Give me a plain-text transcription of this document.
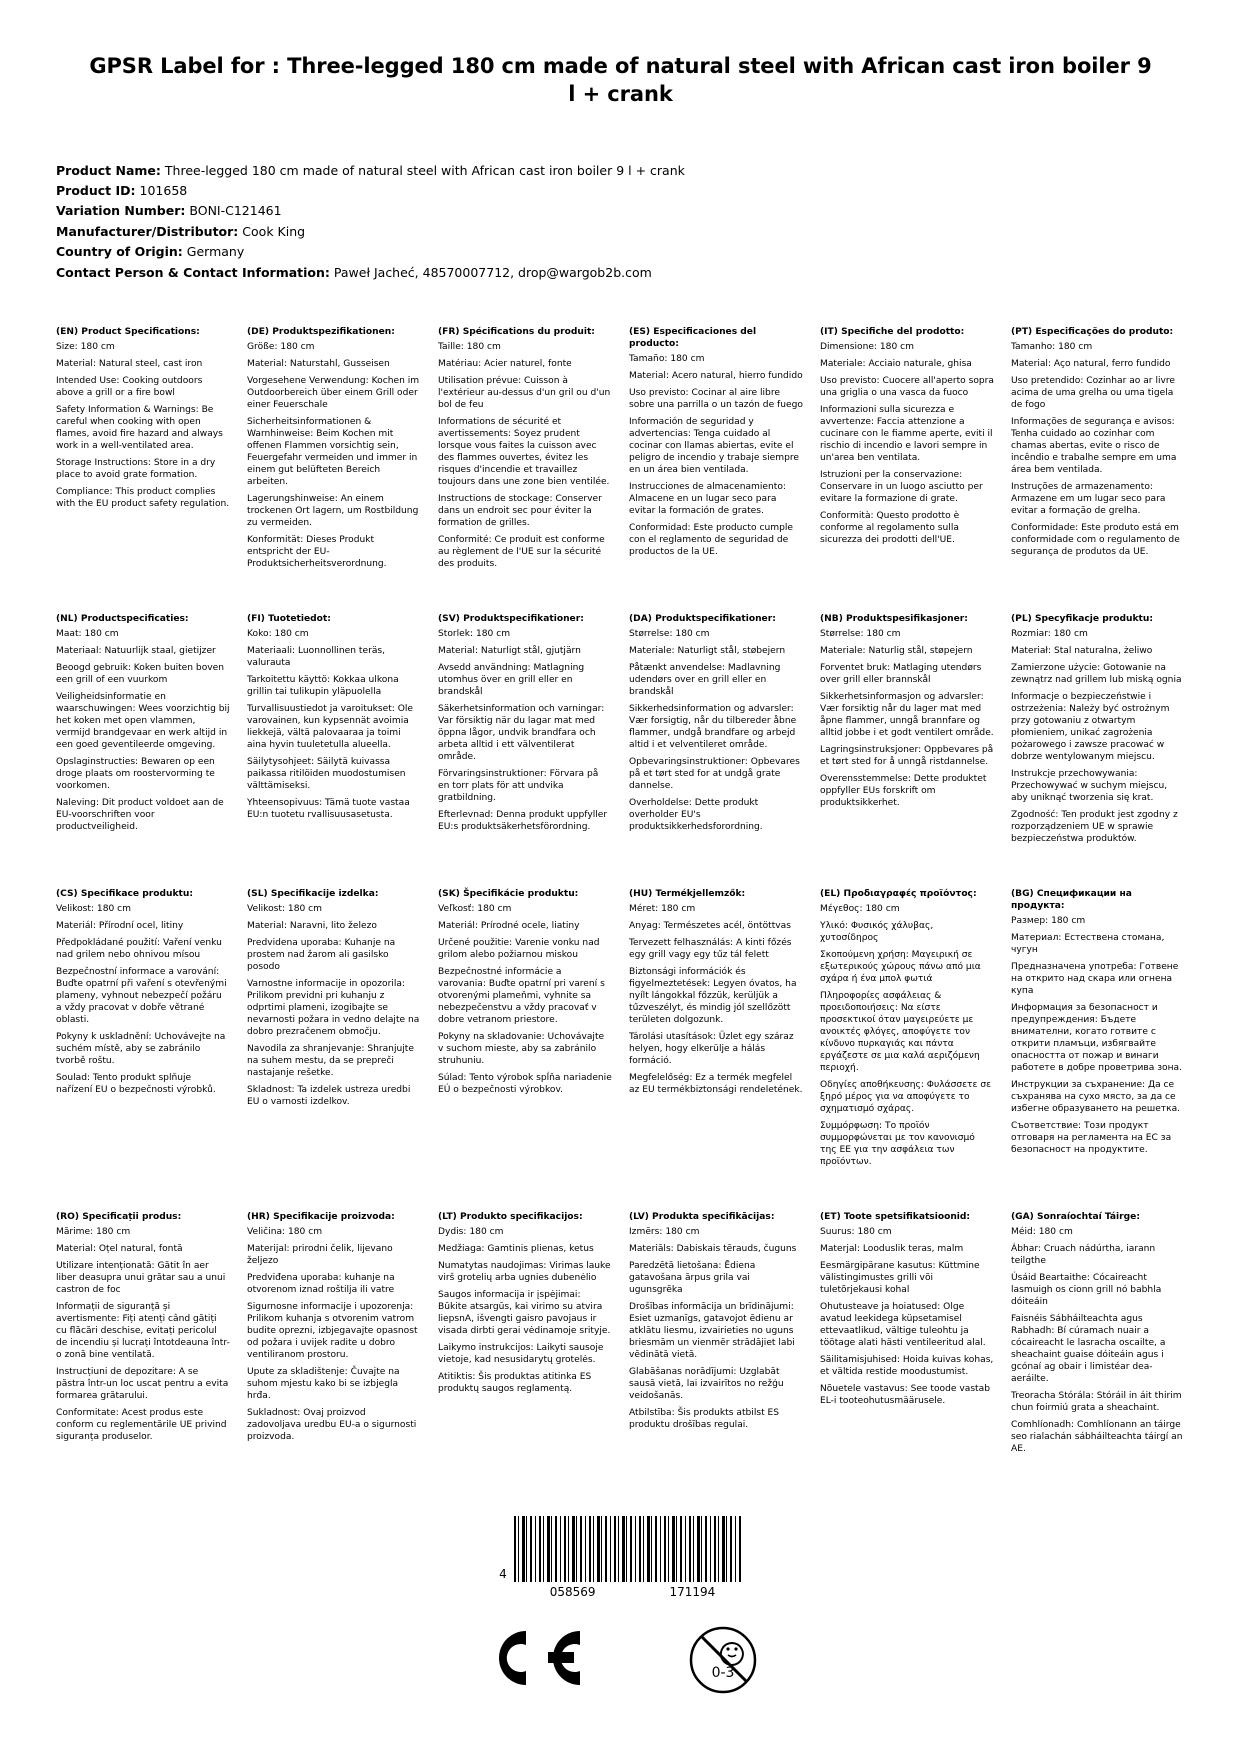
GPSR Label for : Three-legged 180 cm made of natural steel with African cast iron boiler 9 l + crank
Product Name: Three-legged 180 cm made of natural steel with African cast iron boiler 9 l + crank
Product ID: 101658
Variation Number: BONI-C121461
Manufacturer/Distributor: Cook King
Country of Origin: Germany
Contact Person & Contact Information: Paweł Jacheć, 48570007712, drop@wargob2b.com
(EN) Product Specifications:
Size: 180 cm
Material: Natural steel, cast iron
Intended Use: Cooking outdoors above a grill or a fire bowl
Safety Information & Warnings: Be careful when cooking with open flames, avoid fire hazard and always work in a well-ventilated area.
Storage Instructions: Store in a dry place to avoid grate formation.
Compliance: This product complies with the EU product safety regulation.
(DE) Produktspezifikationen:
Größe: 180 cm
Material: Naturstahl, Gusseisen
Vorgesehene Verwendung: Kochen im Outdoorbereich über einem Grill oder einer Feuerschale
Sicherheitsinformationen & Warnhinweise: Beim Kochen mit offenen Flammen vorsichtig sein, Feuergefahr vermeiden und immer in einem gut belüfteten Bereich arbeiten.
Lagerungshinweise: An einem trockenen Ort lagern, um Rostbildung zu vermeiden.
Konformität: Dieses Produkt entspricht der EU-Produktsicherheitsverordnung.
(FR) Spécifications du produit:
Taille: 180 cm
Matériau: Acier naturel, fonte
Utilisation prévue: Cuisson à l'extérieur au-dessus d'un gril ou d'un bol de feu
Informations de sécurité et avertissements: Soyez prudent lorsque vous faites la cuisson avec des flammes ouvertes, évitez les risques d'incendie et travaillez toujours dans une zone bien ventilée.
Instructions de stockage: Conserver dans un endroit sec pour éviter la formation de grilles.
Conformité: Ce produit est conforme au règlement de l'UE sur la sécurité des produits.
(ES) Especificaciones del producto:
Tamaño: 180 cm
Material: Acero natural, hierro fundido
Uso previsto: Cocinar al aire libre sobre una parrilla o un tazón de fuego
Información de seguridad y advertencias: Tenga cuidado al cocinar con llamas abiertas, evite el peligro de incendio y trabaje siempre en un área bien ventilada.
Instrucciones de almacenamiento: Almacene en un lugar seco para evitar la formación de grates.
Conformidad: Este producto cumple con el reglamento de seguridad de productos de la UE.
(IT) Specifiche del prodotto:
Dimensione: 180 cm
Materiale: Acciaio naturale, ghisa
Uso previsto: Cuocere all'aperto sopra una griglia o una vasca da fuoco
Informazioni sulla sicurezza e avvertenze: Faccia attenzione a cucinare con le fiamme aperte, eviti il rischio di incendio e lavori sempre in un'area ben ventilata.
Istruzioni per la conservazione: Conservare in un luogo asciutto per evitare la formazione di grate.
Conformità: Questo prodotto è conforme al regolamento sulla sicurezza dei prodotti dell'UE.
(PT) Especificações do produto:
Tamanho: 180 cm
Material: Aço natural, ferro fundido
Uso pretendido: Cozinhar ao ar livre acima de uma grelha ou uma tigela de fogo
Informações de segurança e avisos: Tenha cuidado ao cozinhar com chamas abertas, evite o risco de incêndio e trabalhe sempre em uma área bem ventilada.
Instruções de armazenamento: Armazene em um lugar seco para evitar a formação de grelha.
Conformidade: Este produto está em conformidade com o regulamento de segurança de produtos da UE.
(NL) Productspecificaties:
Maat: 180 cm
Materiaal: Natuurlijk staal, gietijzer
Beoogd gebruik: Koken buiten boven een grill of een vuurkom
Veiligheidsinformatie en waarschuwingen: Wees voorzichtig bij het koken met open vlammen, vermijd brandgevaar en werk altijd in een goed geventileerde omgeving.
Opslaginstructies: Bewaren op een droge plaats om roostervorming te voorkomen.
Naleving: Dit product voldoet aan de EU-voorschriften voor productveiligheid.
(FI) Tuotetiedot:
Koko: 180 cm
Materiaali: Luonnollinen teräs, valurauta
Tarkoitettu käyttö: Kokkaa ulkona grillin tai tulikupin yläpuolella
Turvallisuustiedot ja varoitukset: Ole varovainen, kun kypsennät avoimia liekkejä, vältä palovaaraa ja toimi aina hyvin tuuletetulla alueella.
Säilytysohjeet: Säilytä kuivassa paikassa ritilöiden muodostumisen välttämiseksi.
Yhteensopivuus: Tämä tuote vastaa EU:n tuotetu rvallisuusasetusta.
(SV) Produktspecifikationer:
Storlek: 180 cm
Material: Naturligt stål, gjutjärn
Avsedd användning: Matlagning utomhus över en grill eller en brandskål
Säkerhetsinformation och varningar: Var försiktig när du lagar mat med öppna lågor, undvik brandfara och arbeta alltid i ett välventilerat område.
Förvaringsinstruktioner: Förvara på en torr plats för att undvika gratbildning.
Efterlevnad: Denna produkt uppfyller EU:s produktsäkerhetsförordning.
(DA) Produktspecifikationer:
Størrelse: 180 cm
Materiale: Naturligt stål, støbejern
Påtænkt anvendelse: Madlavning udendørs over en grill eller en brandskål
Sikkerhedsinformation og advarsler: Vær forsigtig, når du tilbereder åbne flammer, undgå brandfare og arbejd altid i et velventileret område.
Opbevaringsinstruktioner: Opbevares på et tørt sted for at undgå grate dannelse.
Overholdelse: Dette produkt overholder EU's produktsikkerhedsforordning.
(NB) Produktspesifikasjoner:
Størrelse: 180 cm
Materiale: Naturlig stål, støpejern
Forventet bruk: Matlaging utendørs over grill eller brannskål
Sikkerhetsinformasjon og advarsler: Vær forsiktig når du lager mat med åpne flammer, unngå brannfare og alltid jobbe i et godt ventilert område.
Lagringsinstruksjoner: Oppbevares på et tørt sted for å unngå ristdannelse.
Overensstemmelse: Dette produktet oppfyller EUs forskrift om produktsikkerhet.
(PL) Specyfikacje produktu:
Rozmiar: 180 cm
Materiał: Stal naturalna, żeliwo
Zamierzone użycie: Gotowanie na zewnątrz nad grillem lub miską ognia
Informacje o bezpieczeństwie i ostrzeżenia: Należy być ostrożnym przy gotowaniu z otwartym płomieniem, unikać zagrożenia pożarowego i zawsze pracować w dobrze wentylowanym miejscu.
Instrukcje przechowywania: Przechowywać w suchym miejscu, aby uniknąć tworzenia się krat.
Zgodność: Ten produkt jest zgodny z rozporządzeniem UE w sprawie bezpieczeństwa produktów.
(CS) Specifikace produktu:
Velikost: 180 cm
Materiál: Přírodní ocel, litiny
Předpokládané použití: Vaření venku nad grilem nebo ohnivou mísou
Bezpečnostní informace a varování: Buďte opatrní při vaření s otevřenými plameny, vyhnout nebezpečí požáru a vždy pracovat v dobře větrané oblasti.
Pokyny k uskladnění: Uchovávejte na suchém místě, aby se zabránilo tvorbě roštu.
Soulad: Tento produkt splňuje nařízení EU o bezpečnosti výrobků.
(SL) Specifikacije izdelka:
Velikost: 180 cm
Material: Naravni, lito železo
Predvidena uporaba: Kuhanje na prostem nad žarom ali gasilsko posodo
Varnostne informacije in opozorila: Prilikom previdni pri kuhanju z odprtimi plameni, izogibajte se nevarnosti požara in vedno delajte na dobro prezračenem območju.
Navodila za shranjevanje: Shranjujte na suhem mestu, da se prepreči nastajanje rešetke.
Skladnost: Ta izdelek ustreza uredbi EU o varnosti izdelkov.
(SK) Špecifikácie produktu:
Veľkosť: 180 cm
Materiál: Prírodné ocele, liatiny
Určené použitie: Varenie vonku nad grilom alebo požiarnou miskou
Bezpečnostné informácie a varovania: Buďte opatrní pri varení s otvorenými plameňmi, vyhnite sa nebezpečenstvu a vždy pracovať v dobre vetranom priestore.
Pokyny na skladovanie: Uchovávajte v suchom mieste, aby sa zabránilo struhuniu.
Súlad: Tento výrobok spĺňa nariadenie EÚ o bezpečnosti výrobkov.
(HU) Termékjellemzők:
Méret: 180 cm
Anyag: Természetes acél, öntöttvas
Tervezett felhasználás: A kinti főzés egy grill vagy egy tűz tál felett
Biztonsági információk és figyelmeztetések: Legyen óvatos, ha nyílt lángokkal főzzük, kerüljük a tűzveszélyt, és mindig jól szellőzött területen dolgozunk.
Tárolási utasítások: Üzlet egy száraz helyen, hogy elkerülje a hálás formáció.
Megfelelőség: Ez a termék megfelel az EU termékbiztonsági rendeletének.
(EL) Προδιαγραφές προϊόντος:
Μέγεθος: 180 cm
Υλικό: Φυσικός χάλυβας, χυτοσίδηρος
Σκοπούμενη χρήση: Μαγειρική σε εξωτερικούς χώρους πάνω από μια σχάρα ή ένα μπολ φωτιά
Πληροφορίες ασφάλειας & προειδοποιήσεις: Να είστε προσεκτικοί όταν μαγειρεύετε με ανοικτές φλόγες, αποφύγετε τον κίνδυνο πυρκαγιάς και πάντα εργάζεστε σε μια καλά αεριζόμενη περιοχή.
Οδηγίες αποθήκευσης: Φυλάσσετε σε ξηρό μέρος για να αποφύγετε το σχηματισμό σχάρας.
Συμμόρφωση: Το προϊόν συμμορφώνεται με τον κανονισμό της ΕΕ για την ασφάλεια των προϊόντων.
(BG) Спецификации на продукта:
Размер: 180 cm
Материал: Естествена стомана, чугун
Предназначена употреба: Готвене на открито над скара или огнена купа
Информация за безопасност и предупреждения: Бъдете внимателни, когато готвите с открити пламъци, избягвайте опасността от пожар и винаги работете в добре проветрива зона.
Инструкции за съхранение: Да се съхранява на сухо място, за да се избегне образуването на решетка.
Съответствие: Този продукт отговаря на регламента на ЕС за безопасност на продуктите.
(RO) Specificații produs:
Mărime: 180 cm
Material: Oțel natural, fontă
Utilizare intenționată: Gătit în aer liber deasupra unui grătar sau a unui castron de foc
Informații de siguranță și avertismente: Fiți atenți când gătiți cu flăcări deschise, evitați pericolul de incendiu și lucrați întotdeauna într-o zonă bine ventilată.
Instrucțiuni de depozitare: A se păstra într-un loc uscat pentru a evita formarea grătarului.
Conformitate: Acest produs este conform cu reglementările UE privind siguranța produselor.
(HR) Specifikacije proizvoda:
Veličina: 180 cm
Materijal: prirodni čelik, lijevano željezo
Predviđena uporaba: kuhanje na otvorenom iznad roštilja ili vatre
Sigurnosne informacije i upozorenja: Prilikom kuhanja s otvorenim vatrom budite oprezni, izbjegavajte opasnost od požara i uvijek radite u dobro ventiliranom prostoru.
Upute za skladištenje: Čuvajte na suhom mjestu kako bi se izbjegla hrđa.
Sukladnost: Ovaj proizvod zadovoljava uredbu EU-a o sigurnosti proizvoda.
(LT) Produkto specifikacijos:
Dydis: 180 cm
Medžiaga: Gamtinis plienas, ketus
Numatytas naudojimas: Virimas lauke virš grotelių arba ugnies dubenėlio
Saugos informacija ir įspėjimai: Būkite atsargūs, kai virimo su atvira liepsnA, išvengti gaisro pavojaus ir visada dirbti gerai vėdinamoje srityje.
Laikymo instrukcijos: Laikyti sausoje vietoje, kad nesusidarytų grotelės.
Atitiktis: Šis produktas atitinka ES produktų saugos reglamentą.
(LV) Produkta specifikācijas:
Izmērs: 180 cm
Materiāls: Dabiskais tērauds, čuguns
Paredzētā lietošana: Ēdiena gatavošana ārpus grila vai ugunsgrēka
Drošības informācija un brīdinājumi: Esiet uzmanīgs, gatavojot ēdienu ar atklātu liesmu, izvairieties no uguns briesmām un vienmēr strādājiet labi vēdinātā vietā.
Glabāšanas norādījumi: Uzglabāt sausā vietā, lai izvairītos no režģu veidošanās.
Atbilstība: Šis produkts atbilst ES produktu drošības regulai.
(ET) Toote spetsifikatsioonid:
Suurus: 180 cm
Materjal: Looduslik teras, malm
Eesmärgipärane kasutus: Küttmine välistingimustes grilli või tuletõrjekausi kohal
Ohutusteave ja hoiatused: Olge avatud leekidega küpsetamisel ettevaatlikud, vältige tuleohtu ja töötage alati hästi ventileeritud alal.
Säilitamisjuhised: Hoida kuivas kohas, et vältida restide moodustumist.
Nõuetele vastavus: See toode vastab EL-i tooteohutusmäärusele.
(GA) Sonraíochtaí Táirge:
Méid: 180 cm
Ábhar: Cruach nádúrtha, iarann teilgthe
Úsáid Beartaithe: Cócaireacht lasmuigh os cionn grill nó babhla dóiteáin
Faisnéis Sábháilteachta agus Rabhadh: Bí cúramach nuair a cócaireacht le lasracha oscailte, a sheachaint guaise dóiteáin agus i gcónaí ag obair i limistéar dea-aeráilte.
Treoracha Stórála: Stóráil in áit thirim chun foirmiú grata a sheachaint.
Comhlíonadh: Comhlíonann an táirge seo rialachán sábháilteachta táirgí an AE.
4
058569	171194
0-3
